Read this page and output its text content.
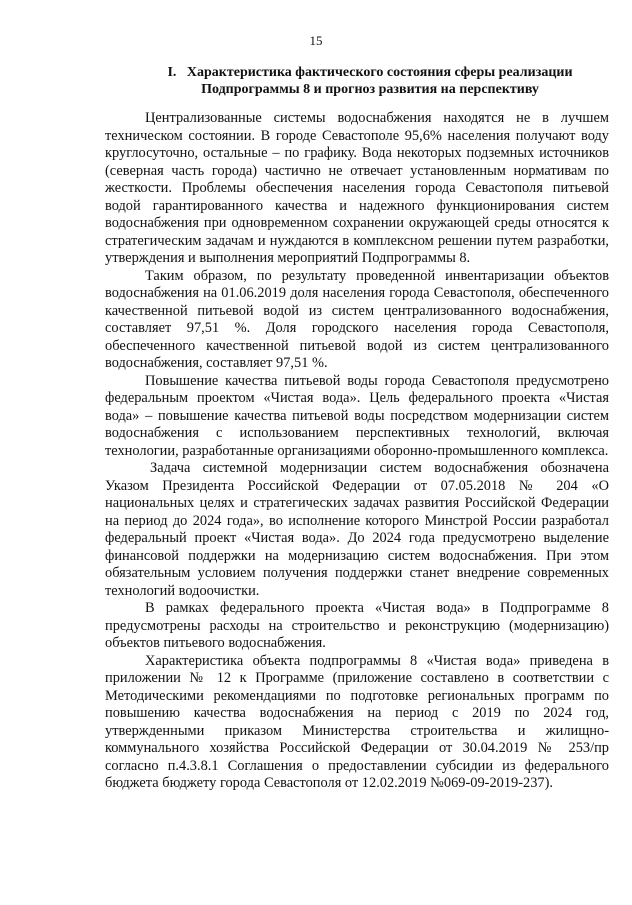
15
I.   Характеристика фактического состояния сферы реализации
Подпрограммы 8 и прогноз развития на перспективу

Централизованные системы водоснабжения находятся не в лучшем техническом состоянии. В городе Севастополе 95,6% населения получают воду круглосуточно, остальные – по графику. Вода некоторых подземных источников (северная часть города) частично не отвечает установленным нормативам по жесткости. Проблемы обеспечения населения города Севастополя питьевой водой гарантированного качества и надежного функционирования систем водоснабжения при одновременном сохранении окружающей среды относятся к стратегическим задачам и нуждаются в комплексном решении путем разработки, утверждения и выполнения мероприятий Подпрограммы 8.

Таким образом, по результату проведенной инвентаризации объектов водоснабжения на 01.06.2019 доля населения города Севастополя, обеспеченного качественной питьевой водой из систем централизованного водоснабжения, составляет 97,51 %. Доля городского населения города Севастополя, обеспеченного качественной питьевой водой из систем централизованного водоснабжения, составляет 97,51 %.

Повышение качества питьевой воды города Севастополя предусмотрено федеральным проектом «Чистая вода». Цель федерального проекта «Чистая вода» – повышение качества питьевой воды посредством модернизации систем водоснабжения с использованием перспективных технологий, включая технологии, разработанные организациями оборонно-промышленного комплекса.

Задача системной модернизации систем водоснабжения обозначена Указом Президента Российской Федерации от 07.05.2018 № 204 «О национальных целях и стратегических задачах развития Российской Федерации на период до 2024 года», во исполнение которого Минстрой России разработал федеральный проект «Чистая вода». До 2024 года предусмотрено выделение финансовой поддержки на модернизацию систем водоснабжения. При этом обязательным условием получения поддержки станет внедрение современных технологий водоочистки.

В рамках федерального проекта «Чистая вода» в Подпрограмме 8 предусмотрены расходы на строительство и реконструкцию (модернизацию) объектов питьевого водоснабжения.

Характеристика объекта подпрограммы 8 «Чистая вода» приведена в приложении № 12 к Программе (приложение составлено в соответствии с Методическими рекомендациями по подготовке региональных программ по повышению качества водоснабжения на период с 2019 по 2024 год, утвержденными приказом Министерства строительства и жилищно-коммунального хозяйства Российской Федерации от 30.04.2019 № 253/пр согласно п.4.3.8.1 Соглашения о предоставлении субсидии из федерального бюджета бюджету города Севастополя от 12.02.2019 №069-09-2019-237).
